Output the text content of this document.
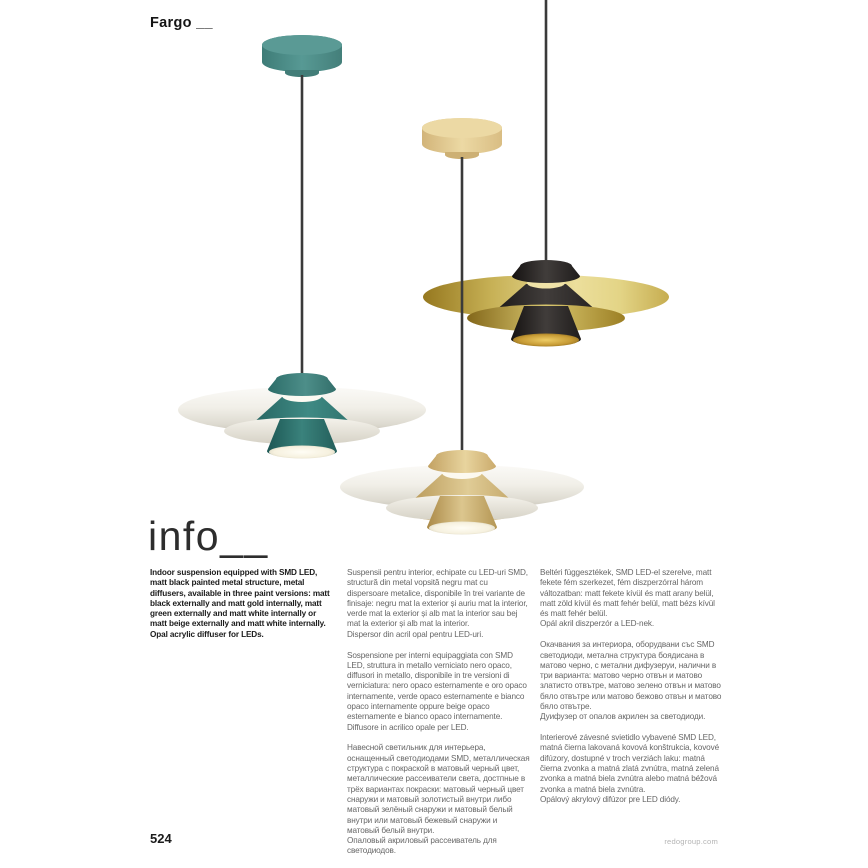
Fargo __
info__

Indoor suspension equipped with SMD LED, matt black painted metal structure, metal diffusers, available in three paint versions: matt black externally and matt gold internally, matt green externally and matt white internally or matt beige externally and matt white internally.
Opal acrylic diffuser for LEDs.

Suspensii pentru interior, echipate cu LED-uri SMD, structură din metal vopsită negru mat cu dispersoare metalice, disponibile în trei variante de finisaje: negru mat la exterior și auriu mat la interior, verde mat la exterior și alb mat la interior sau bej mat la exterior și alb mat la interior.
Dispersor din acril opal pentru LED-uri.

Sospensione per interni equipaggiata con SMD LED, struttura in metallo verniciato nero opaco, diffusori in metallo, disponibile in tre versioni di verniciatura: nero opaco esternamente e oro opaco internamente, verde opaco esternamente e bianco opaco internamente oppure beige opaco esternamente e bianco opaco internamente. Diffusore in acrilico opale per LED.

Навесной светильник для интерьера, оснащенный светодиодами SMD, металлическая структура с покраской в матовый черный цвет, металлические рассеиватели света, достпные в трёх вариантах покраски: матовый черный цвет снаружи и матовый золотистый внутри либо матовый зелёный снаружи и матовый белый внутри или матовый бежевый снаружи и матовый белый внутри.
Опаловый акриловый рассеиватель для светодиодов.

Beltéri függesztékek, SMD LED-el szerelve, matt fekete fém szerkezet, fém diszperzórral három változatban: matt fekete kívül és matt arany belül, matt zöld kívül és matt fehér belül, matt bézs kívül és matt fehér belül.
Opál akril diszperzór a LED-nek.

Окачвания за интериора, оборудвани със SMD светодиоди, метална структура боядисана в матово черно, с метални дифузеруи, налични в три варианта: матово черно отвън и матово златисто отвътре, матово зелено отвън и матово бяло отвътре или матово бежово отвън и матово бяло отвътре.
Дуифузер от опалов акрилен за светодиоди.

Interierové závesné svietidlo vybavené SMD LED, matná čierna lakovaná kovová konštrukcia, kovové difúzory, dostupné v troch verziách laku: matná čierna zvonka a matná zlatá zvnútra, matná zelená zvonka a matná biela zvnútra alebo matná béžová zvonka a matná biela zvnútra.
Opálový akrylový difúzor pre LED diódy.

524	redogroup.com
